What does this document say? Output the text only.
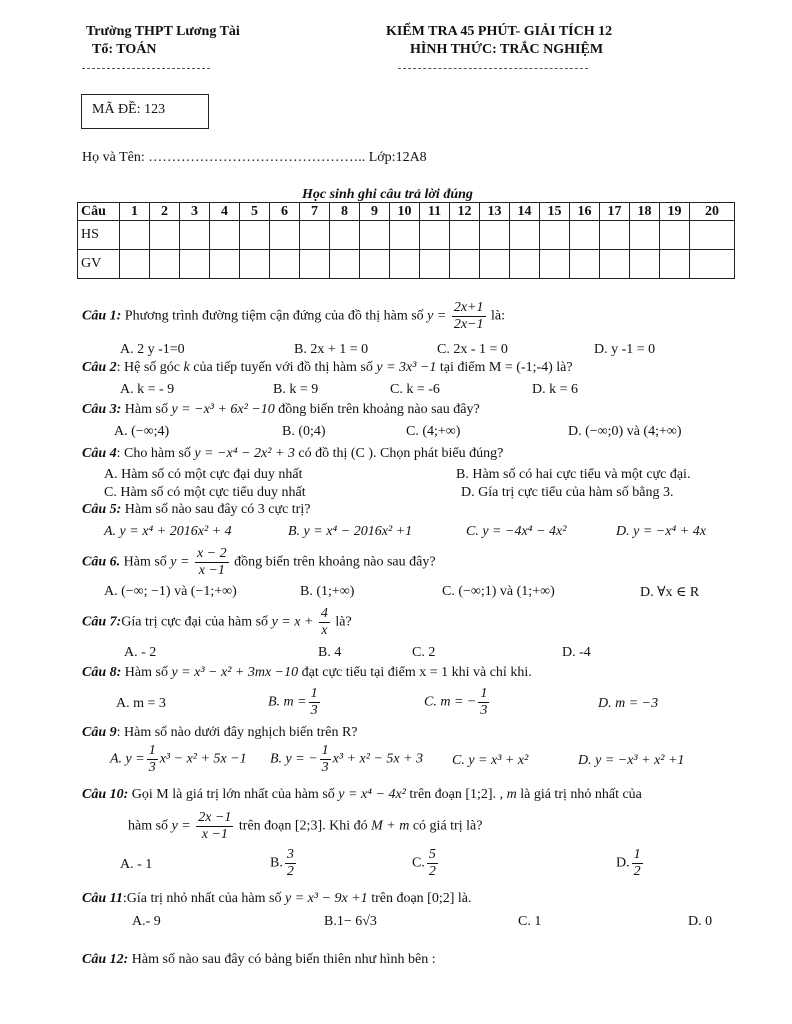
Trường THPT Lương Tài
Tổ: TOÁN
KIỂM TRA 45 PHÚT- GIẢI TÍCH 12
HÌNH THỨC: TRẮC NGHIỆM
MÃ ĐỀ: 123
Họ và Tên: ……………………………………….. Lớp:12A8
Học sinh ghi câu trả lời đúng
Câu	1	2	3	4	5	6	7	8	9	10	11	12	13	14	15	16	17	18	19	20
HS																				
GV																				
Câu 1: Phương trình đường tiệm cận đứng của đồ thị hàm số $y = \frac{2x+1}{2x-1}$ là:
A. 2 y -1=0	B. 2x + 1 = 0	C. 2x - 1 = 0	D. y -1 = 0
Câu 2: Hệ số góc k của tiếp tuyến với đồ thị hàm số y = 3x³ −1 tại điểm M = (-1;-4) là?
A. k = - 9	B. k = 9	C. k = -6	D. k = 6
Câu 3: Hàm số y = −x³ + 6x² −10 đồng biến trên khoảng nào sau đây?
A. (−∞;4)	B. (0;4)	C. (4;+∞)	D. (−∞;0) và (4;+∞)
Câu 4: Cho hàm số y = −x⁴ − 2x² + 3 có đồ thị (C ). Chọn phát biểu đúng?
A. Hàm số có một cực đại duy nhất	B. Hàm số có hai cực tiểu và một cực đại.
C. Hàm số có một cực tiểu duy nhất	D. Gía trị cực tiểu của hàm số bằng 3.
Câu 5: Hàm số nào sau đây có 3 cực trị?
A. y = x⁴ + 2016x² + 4	B. y = x⁴ − 2016x² +1	C. y = −4x⁴ − 4x²	D. y = −x⁴ + 4x
Câu 6. Hàm số $y = \frac{x - 2}{x -1}$ đồng biến trên khoảng nào sau đây?
A. (−∞; −1) và (−1;+∞)	B. (1;+∞)	C. (−∞;1) và (1;+∞)	D. ∀x ∈ R
Câu 7:Gía trị cực đại của hàm số $y = x + \frac{4}{x}$ là?
A. - 2	B. 4	C. 2	D. -4
Câu 8: Hàm số y = x³ − x² + 3mx −10 đạt cực tiểu tại điểm x = 1 khi và chỉ khi.
A. m = 3	B. $m = \frac{1}{3}$	C. m = − $\frac{1}{3}$	D. m = −3
Câu 9: Hàm số nào dưới đây nghịch biến trên R?
A. $y = \frac{1}{3} x^3 - x^2 + 5x -1$ B. y = − $\frac{1}{3} x^3 + x^2 - 5x + 3$ C. y = x³ + x²	D. y = −x³ + x² +1
Câu 10: Gọi M là giá trị lớn nhất của hàm số y = x⁴ − 4x² trên đoạn [1;2]. , m là giá trị nhỏ nhất của
hàm số $y = \frac{2x -1}{x -1}$ trên đoạn [2;3]. Khi đó M + m có giá trị là?
A. - 1	B. $\frac{3}{2}$	C. $\frac{5}{2}$	D. $\frac{1}{2}$
Câu 11:Gía trị nhỏ nhất của hàm số y = x³ − 9x +1 trên đoạn [0;2] là.
A.- 9	B.1− 6√3	C. 1	D. 0
Câu 12: Hàm số nào sau đây có bảng biến thiên như hình bên :
